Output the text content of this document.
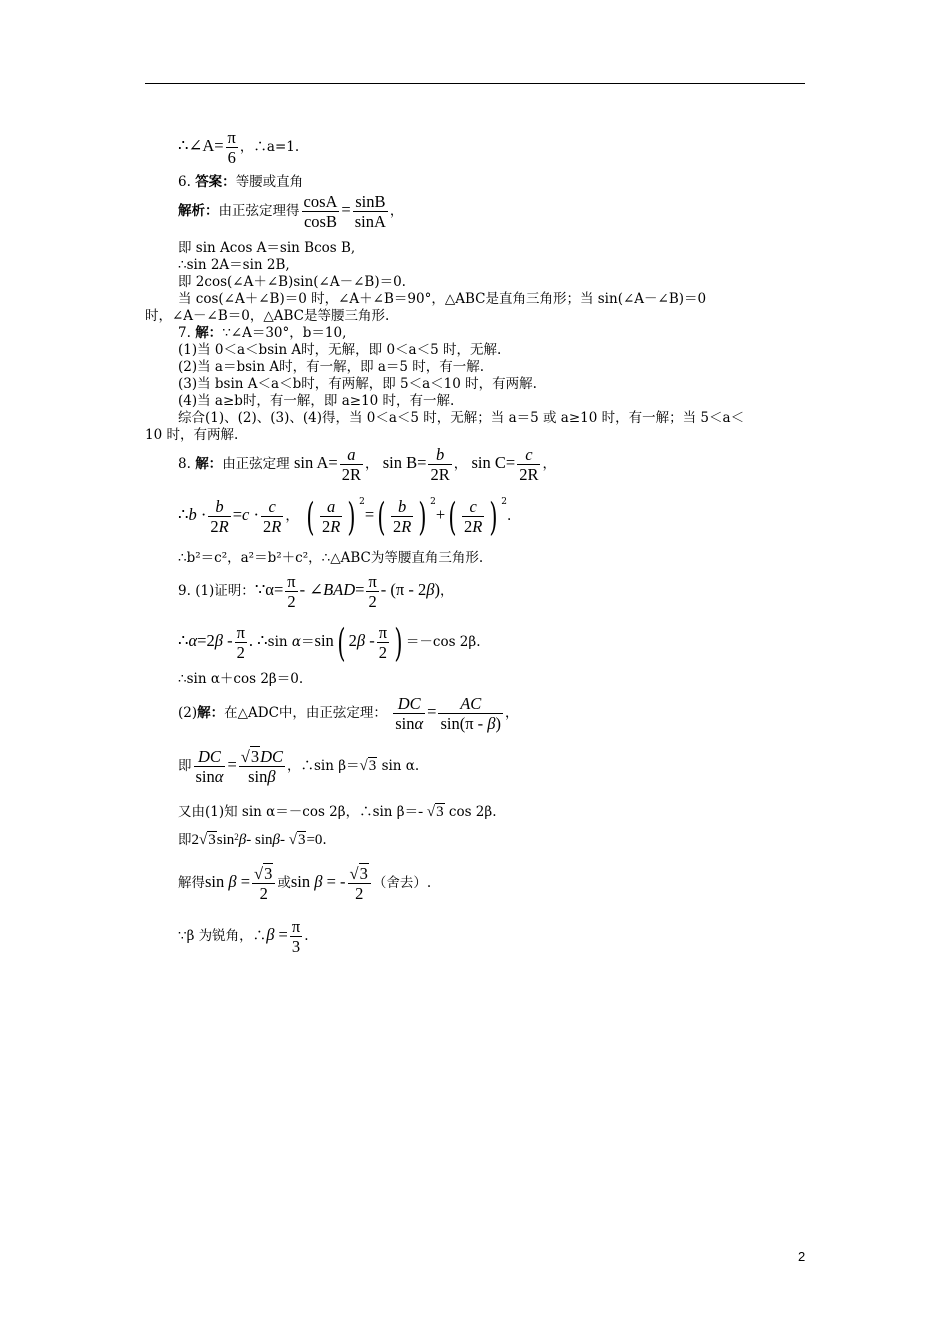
∴∠A= $\frac{\pi}{6}$ ，∴a=1.
6. 答案：等腰或直角
解析：由正弦定理得 $\frac{\cos A}{\cos B} = \frac{\sin B}{\sin A}$ ，
即 sin Acos A＝sin Bcos B,
∴sin 2A＝sin 2B,
即 2cos(∠A＋∠B)sin(∠A－∠B)＝0.
当 cos(∠A＋∠B)＝0 时，∠A＋∠B＝90°，△ABC是直角三角形；当 sin(∠A－∠B)＝0
时，∠A－∠B＝0，△ABC是等腰三角形.
7. 解：∵∠A＝30°，b＝10,
(1)当 0＜a＜bsin A时，无解，即 0＜a＜5 时，无解.
(2)当 a＝bsin A时，有一解，即 a＝5 时，有一解.
(3)当 bsin A＜a＜b时，有两解，即 5＜a＜10 时，有两解.
(4)当 a≥b时，有一解，即 a≥10 时，有一解.
综合(1)、(2)、(3)、(4)得，当 0＜a＜5 时，无解；当 a＝5 或 a≥10 时，有一解；当 5＜a＜
10 时，有两解.
8. 解：由正弦定理 $\sin A= \frac{a}{2R}$ ， $\sin B= \frac{b}{2R}$ ， $\sin C= \frac{c}{2R}$ ，
∴b · $\frac{b}{2R} =c \cdot \frac{c}{2R}$ ， ( $\frac{a}{2R}$ ) $^2=( \frac{b}{2R}$ ) $^2+( \frac{c}{2R}$ ) $^2$.
∴b²＝c²，a²＝b²＋c²，∴△ABC为等腰直角三角形.
9. (1)证明：∵α= $\frac{\pi}{2}$ - ∠BAD= $\frac{\pi}{2} - (\pi - 2\beta)$，
∴α=2β - $\frac{\pi}{2}$ . ∴sin α＝sin( $2\beta - \frac{\pi}{2}$ ) ＝－cos 2β.
∴sin α＋cos 2β＝0.
(2)解：在△ADC中，由正弦定理： $\frac{DC}{\sin\alpha} = \frac{AC}{\sin(\pi - \beta)}$ ，
即 $\frac{DC}{\sin\alpha} = \frac{√3DC}{\sin\beta}$ ，∴sin β＝√3 sin α.
又由(1)知 sin α＝－cos 2β，∴sin β＝- √3 cos 2β.
即$2√3\sin^2\beta-$ sinβ- √3=0.
解得$\sin \beta = \frac{√3}{2}$ 或sin β = - $\frac{√3}{2}$ （舍去）.
∵β 为锐角，∴β = $\frac{\pi}{3}$ .
2
